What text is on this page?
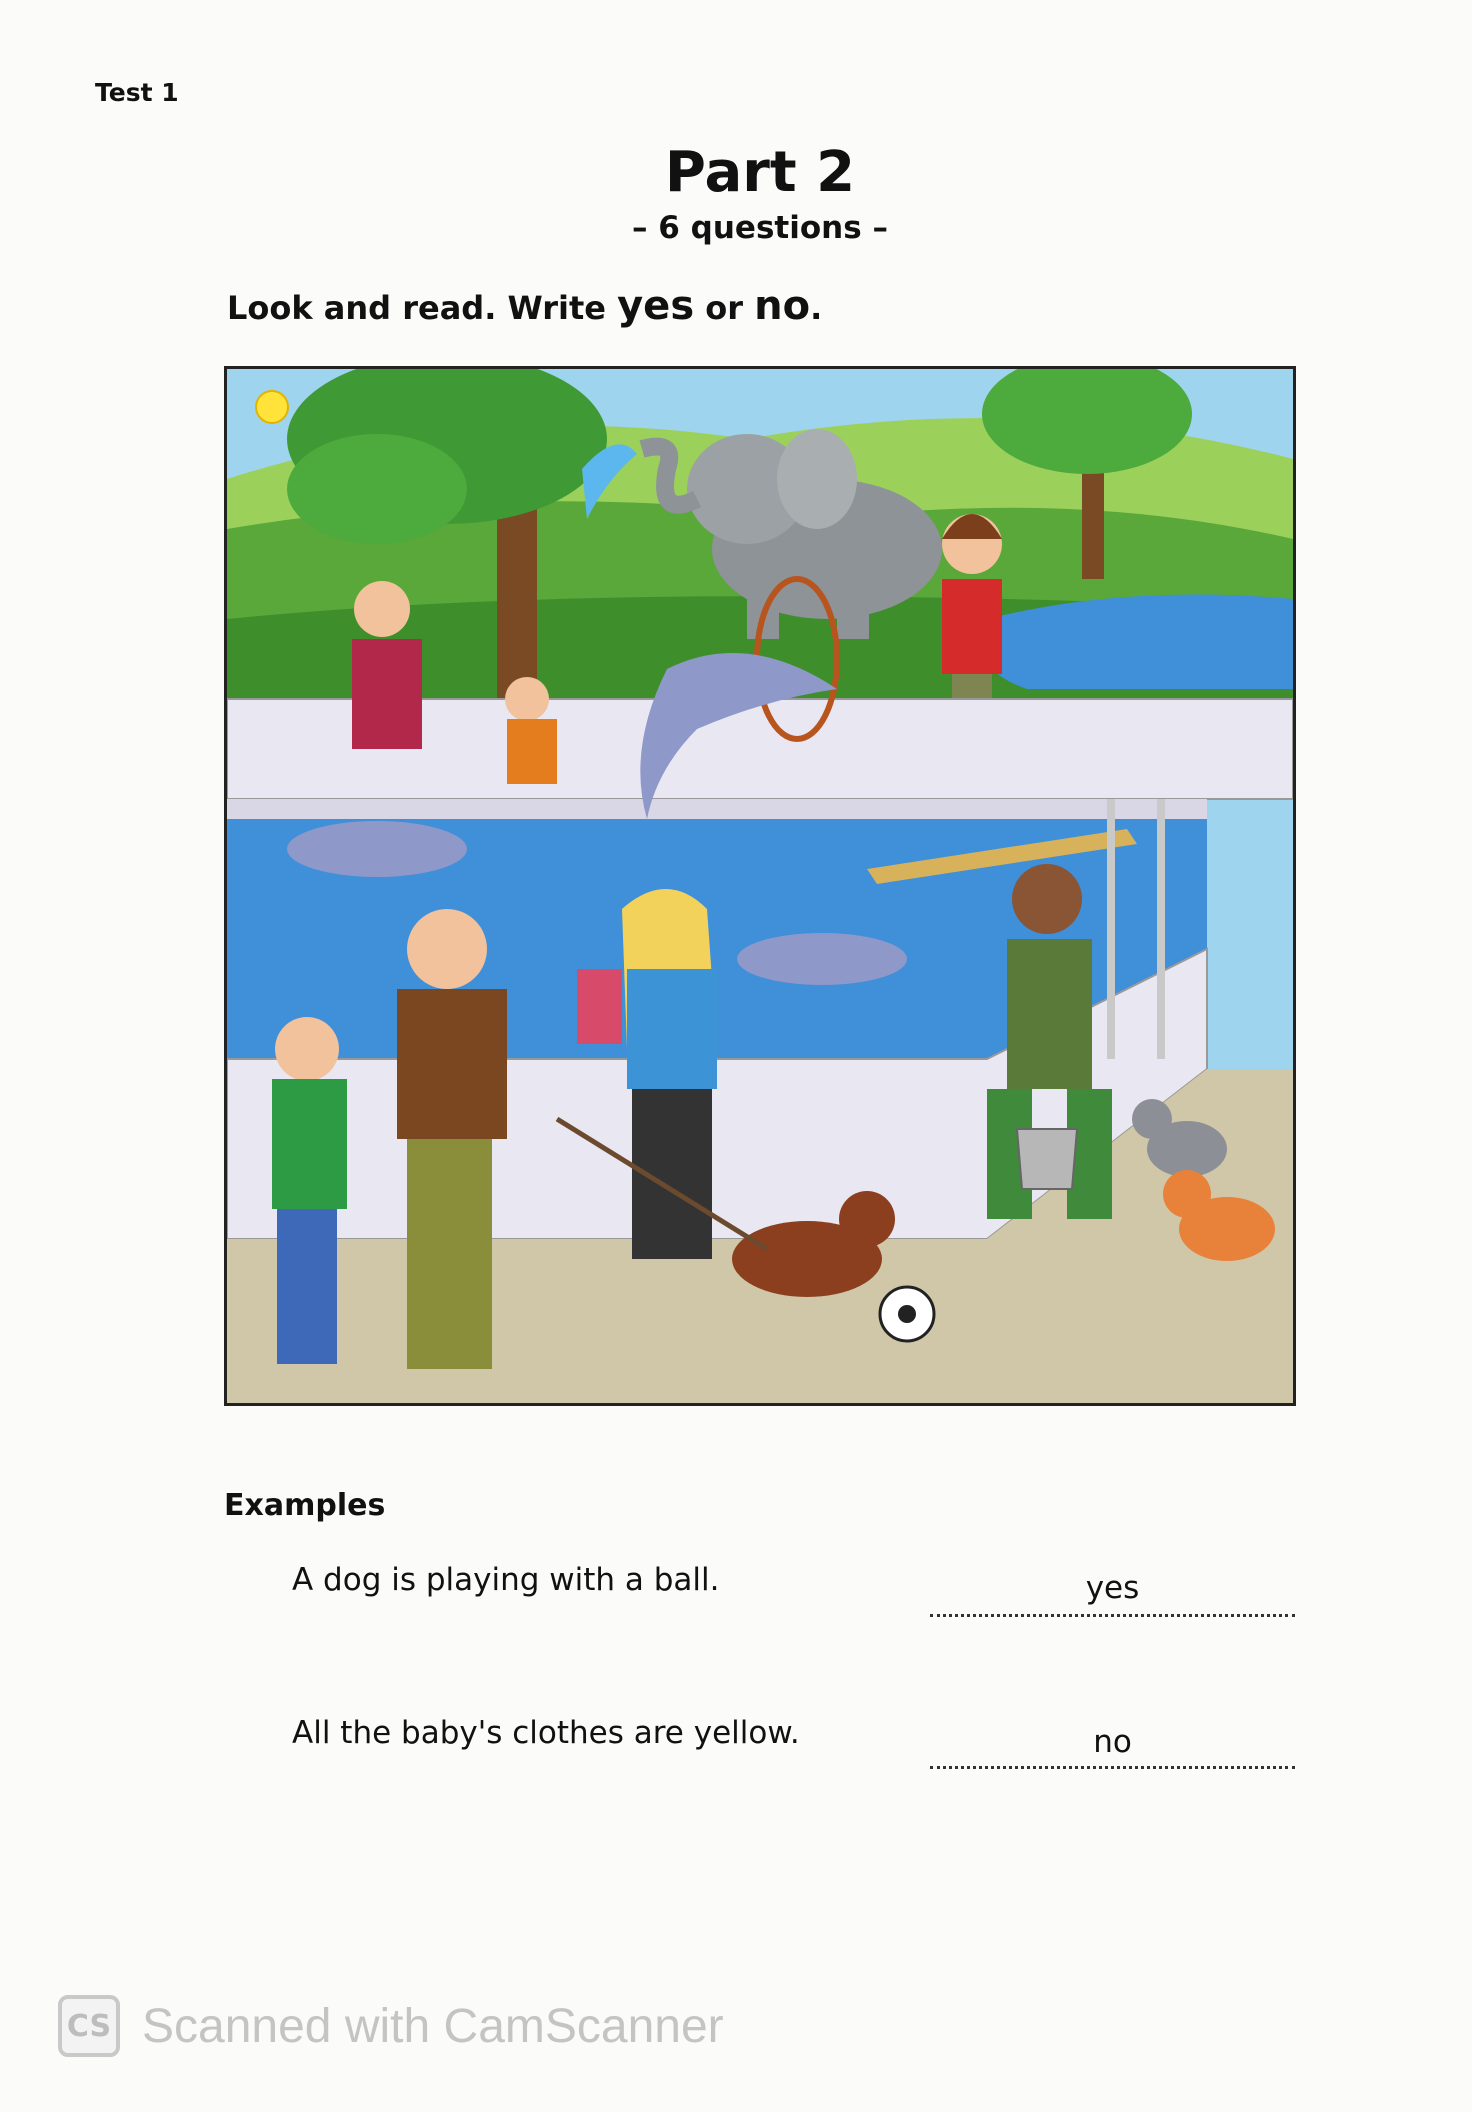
Test 1
Part 2
– 6 questions –
Look and read. Write yes or no.
Examples
A dog is playing with a ball.	yes
All the baby's clothes are yellow.	no
CS Scanned with CamScanner
